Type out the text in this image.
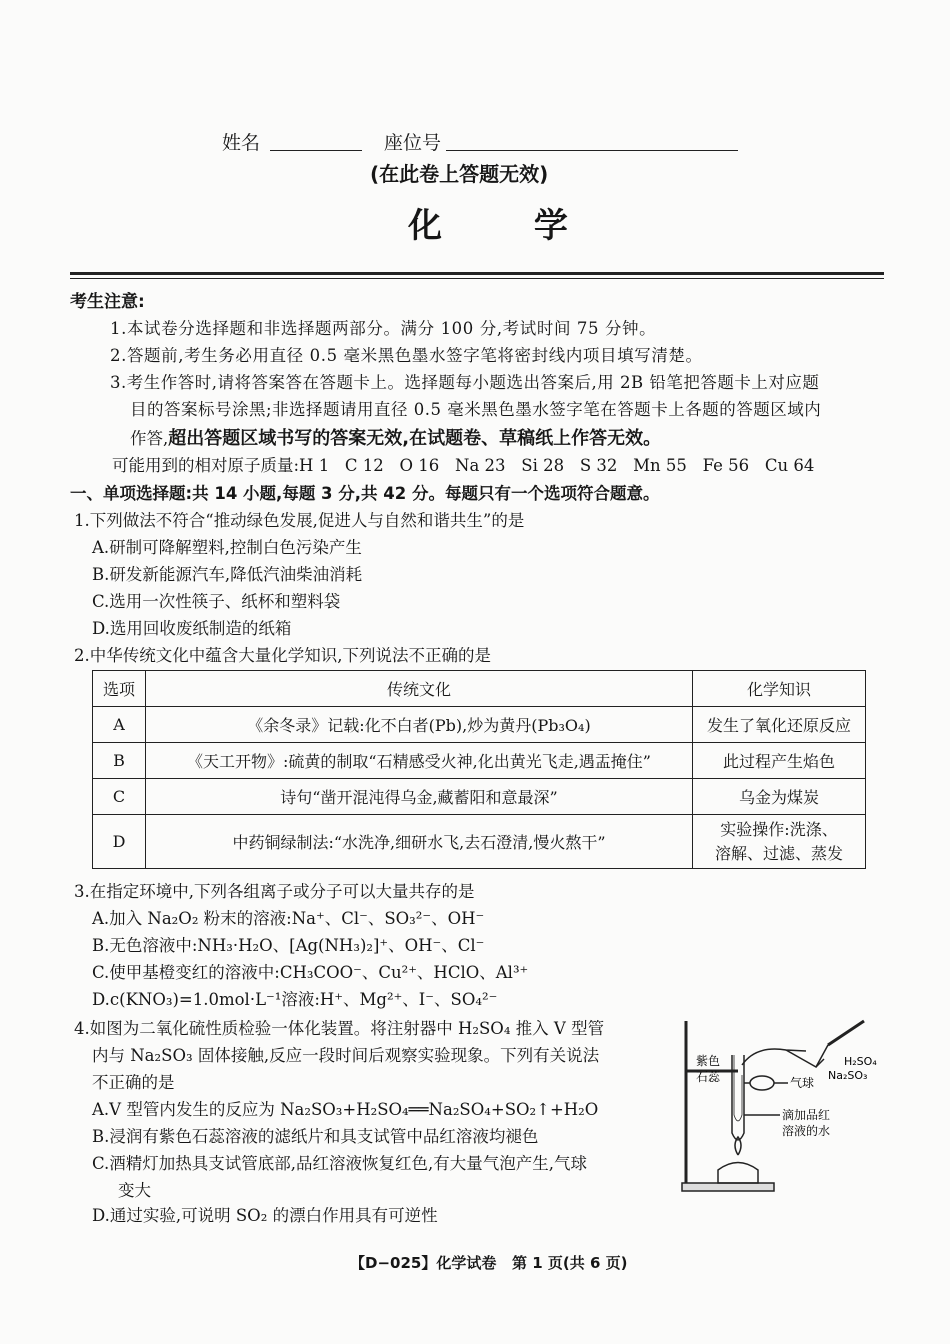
姓名	座位号
(在此卷上答题无效)
化 学
考生注意:
1.本试卷分选择题和非选择题两部分。满分 100 分,考试时间 75 分钟。
2.答题前,考生务必用直径 0.5 毫米黑色墨水签字笔将密封线内项目填写清楚。
3.考生作答时,请将答案答在答题卡上。选择题每小题选出答案后,用 2B 铅笔把答题卡上对应题
目的答案标号涂黑;非选择题请用直径 0.5 毫米黑色墨水签字笔在答题卡上各题的答题区域内
作答,超出答题区域书写的答案无效,在试题卷、草稿纸上作答无效。
可能用到的相对原子质量:H 1   C 12   O 16   Na 23   Si 28   S 32   Mn 55   Fe 56   Cu 64
一、单项选择题:共 14 小题,每题 3 分,共 42 分。每题只有一个选项符合题意。
1.下列做法不符合“推动绿色发展,促进人与自然和谐共生”的是
A.研制可降解塑料,控制白色污染产生
B.研发新能源汽车,降低汽油柴油消耗
C.选用一次性筷子、纸杯和塑料袋
D.选用回收废纸制造的纸箱
2.中华传统文化中蕴含大量化学知识,下列说法不正确的是
选项	传统文化	化学知识
A	《余冬录》记载:化不白者(Pb),炒为黄丹(Pb₃O₄)	发生了氧化还原反应
B	《天工开物》:硫黄的制取“石精感受火神,化出黄光飞走,遇盂掩住”	此过程产生焰色
C	诗句“凿开混沌得乌金,藏蓄阳和意最深”	乌金为煤炭
D	中药铜绿制法:“水洗净,细研水飞,去石澄清,慢火熬干”	实验操作:洗涤、
溶解、过滤、蒸发
3.在指定环境中,下列各组离子或分子可以大量共存的是
A.加入 Na₂O₂ 粉末的溶液:Na⁺、Cl⁻、SO₃²⁻、OH⁻
B.无色溶液中:NH₃·H₂O、[Ag(NH₃)₂]⁺、OH⁻、Cl⁻
C.使甲基橙变红的溶液中:CH₃COO⁻、Cu²⁺、HClO、Al³⁺
D.c(KNO₃)=1.0mol·L⁻¹溶液:H⁺、Mg²⁺、I⁻、SO₄²⁻
4.如图为二氧化硫性质检验一体化装置。将注射器中 H₂SO₄ 推入 V 型管
内与 Na₂SO₃ 固体接触,反应一段时间后观察实验现象。下列有关说法
不正确的是
A.V 型管内发生的反应为 Na₂SO₃+H₂SO₄══Na₂SO₄+SO₂↑+H₂O
B.浸润有紫色石蕊溶液的滤纸片和具支试管中品红溶液均褪色
C.酒精灯加热具支试管底部,品红溶液恢复红色,有大量气泡产生,气球
变大
D.通过实验,可说明 SO₂ 的漂白作用具有可逆性
紫色
石蕊
H₂SO₄
Na₂SO₃
气球
滴加品红
溶液的水
【D−025】化学试卷   第 1 页(共 6 页)
